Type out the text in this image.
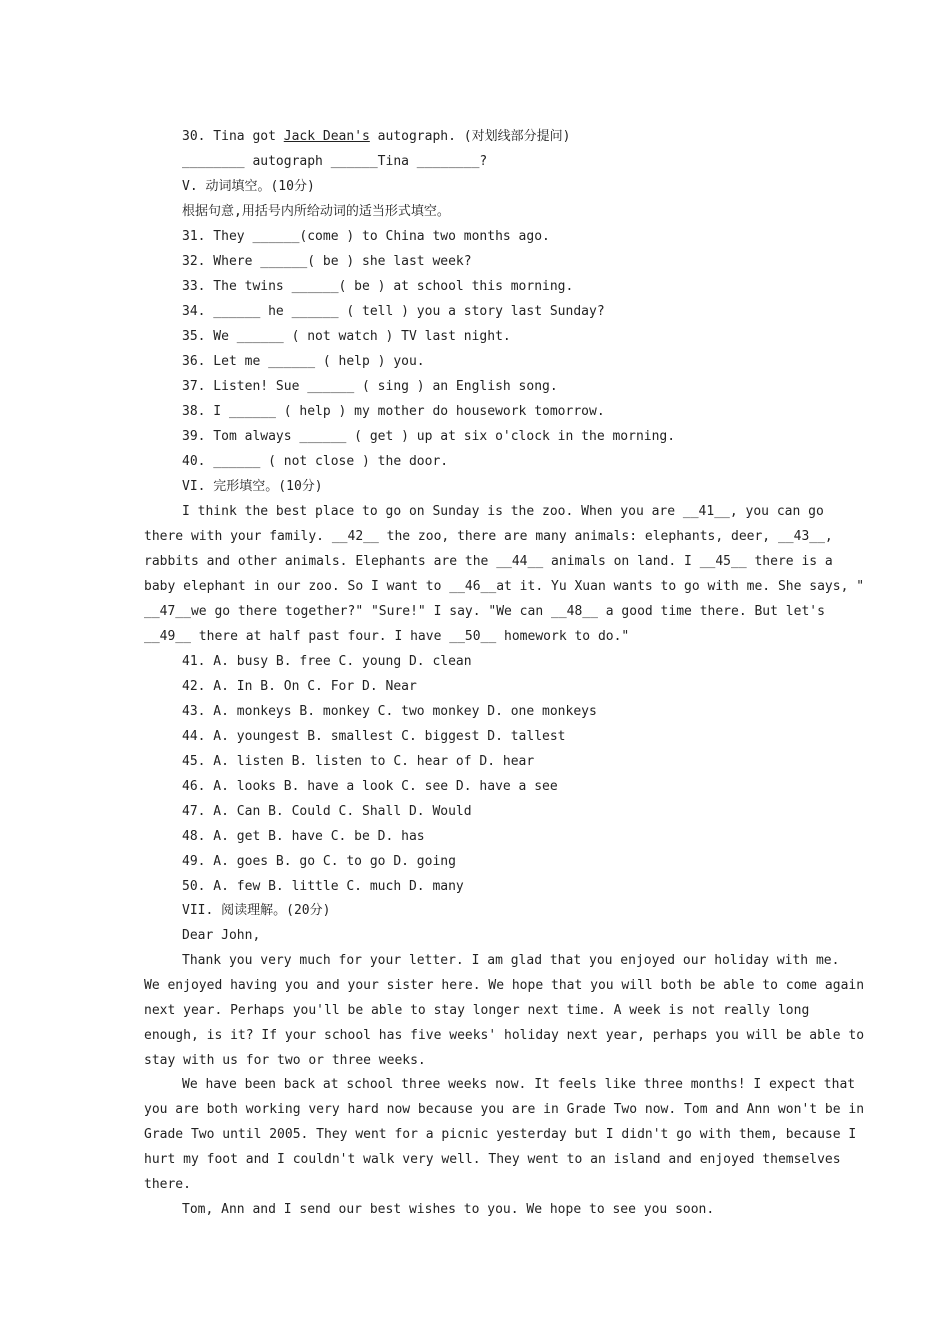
30. Tina got Jack Dean's autograph. (对划线部分提问)
________ autograph ______Tina ________?
V. 动词填空。(10分)
根据句意,用括号内所给动词的适当形式填空。
31. They ______(come ) to China two months ago.
32. Where ______( be ) she last week?
33. The twins ______( be ) at school this morning.
34. ______ he ______ ( tell ) you a story last Sunday?
35. We ______ ( not watch ) TV last night.
36. Let me ______ ( help ) you.
37. Listen! Sue ______ ( sing ) an English song.
38. I ______ ( help ) my mother do housework tomorrow.
39. Tom always ______ ( get ) up at six o'clock in the morning.
40. ______ ( not close ) the door.
VI. 完形填空。(10分)
I think the best place to go on Sunday is the zoo. When you are __41__, you can go
there with your family. __42__ the zoo, there are many animals: elephants, deer, __43__,
rabbits and other animals. Elephants are the __44__ animals on land. I __45__ there is a
baby elephant in our zoo. So I want to __46__at it. Yu Xuan wants to go with me. She says, "
__47__we go there together?" "Sure!" I say. "We can __48__ a good time there. But let's
__49__ there at half past four. I have __50__ homework to do."
41. A. busy B. free C. young D. clean
42. A. In B. On C. For D. Near
43. A. monkeys B. monkey C. two monkey D. one monkeys
44. A. youngest B. smallest C. biggest D. tallest
45. A. listen B. listen to C. hear of D. hear
46. A. looks B. have a look C. see D. have a see
47. A. Can B. Could C. Shall D. Would
48. A. get B. have C. be D. has
49. A. goes B. go C. to go D. going
50. A. few B. little C. much D. many
VII. 阅读理解。(20分)
Dear John,
Thank you very much for your letter. I am glad that you enjoyed our holiday with me.
We enjoyed having you and your sister here. We hope that you will both be able to come again
next year. Perhaps you'll be able to stay longer next time. A week is not really long
enough, is it? If your school has five weeks' holiday next year, perhaps you will be able to
stay with us for two or three weeks.
We have been back at school three weeks now. It feels like three months! I expect that
you are both working very hard now because you are in Grade Two now. Tom and Ann won't be in
Grade Two until 2005. They went for a picnic yesterday but I didn't go with them, because I
hurt my foot and I couldn't walk very well. They went to an island and enjoyed themselves
there.
Tom, Ann and I send our best wishes to you. We hope to see you soon.
